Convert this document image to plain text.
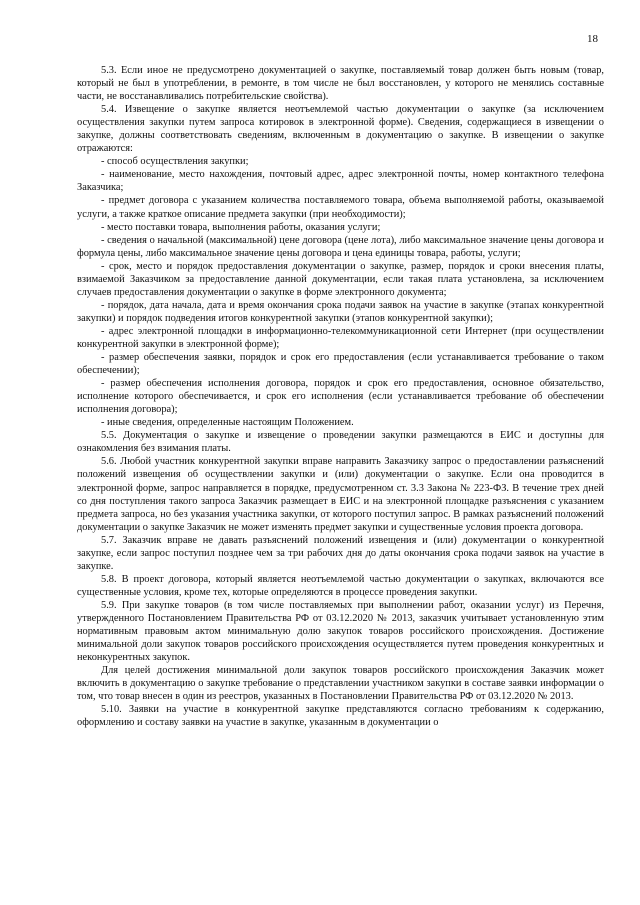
18

5.3. Если иное не предусмотрено документацией о закупке, поставляемый товар должен быть новым (товар, который не был в употреблении, в ремонте, в том числе не был восстановлен, у которого не менялись составные части, не восстанавливались потребительские свойства).

5.4. Извещение о закупке является неотъемлемой частью документации о закупке (за исключением осуществления закупки путем запроса котировок в электронной форме). Сведения, содержащиеся в извещении о закупке, должны соответствовать сведениям, включенным в документацию о закупке. В извещении о закупке отражаются:

- способ осуществления закупки;

- наименование, место нахождения, почтовый адрес, адрес электронной почты, номер контактного телефона Заказчика;

- предмет договора с указанием количества поставляемого товара, объема выполняемой работы, оказываемой услуги, а также краткое описание предмета закупки (при необходимости);

- место поставки товара, выполнения работы, оказания услуги;

- сведения о начальной (максимальной) цене договора (цене лота), либо максимальное значение цены договора и формула цены, либо максимальное значение цены договора и цена единицы товара, работы, услуги;

- срок, место и порядок предоставления документации о закупке, размер, порядок и сроки внесения платы, взимаемой Заказчиком за предоставление данной документации, если такая плата установлена, за исключением случаев предоставления документации о закупке в форме электронного документа;

- порядок, дата начала, дата и время окончания срока подачи заявок на участие в закупке (этапах конкурентной закупки) и порядок подведения итогов конкурентной закупки (этапов конкурентной закупки);

- адрес электронной площадки в информационно-телекоммуникационной сети Интернет (при осуществлении конкурентной закупки в электронной форме);

- размер обеспечения заявки, порядок и срок его предоставления (если устанавливается требование о таком обеспечении);

- размер обеспечения исполнения договора, порядок и срок его предоставления, основное обязательство, исполнение которого обеспечивается, и срок его исполнения (если устанавливается требование об обеспечении исполнения договора);

- иные сведения, определенные настоящим Положением.

5.5. Документация о закупке и извещение о проведении закупки размещаются в ЕИС и доступны для ознакомления без взимания платы.

5.6. Любой участник конкурентной закупки вправе направить Заказчику запрос о предоставлении разъяснений положений извещения об осуществлении закупки и (или) документации о закупке. Если она проводится в электронной форме, запрос направляется в порядке, предусмотренном ст. 3.3 Закона № 223-ФЗ. В течение трех дней со дня поступления такого запроса Заказчик размещает в ЕИС и на электронной площадке разъяснения с указанием предмета запроса, но без указания участника закупки, от которого поступил запрос. В рамках разъяснений положений документации о закупке Заказчик не может изменять предмет закупки и существенные условия проекта договора.

5.7. Заказчик вправе не давать разъяснений положений извещения и (или) документации о конкурентной закупке, если запрос поступил позднее чем за три рабочих дня до даты окончания срока подачи заявок на участие в закупке.

5.8. В проект договора, который является неотъемлемой частью документации о закупках, включаются все существенные условия, кроме тех, которые определяются в процессе проведения закупки.

5.9. При закупке товаров (в том числе поставляемых при выполнении работ, оказании услуг) из Перечня, утвержденного Постановлением Правительства РФ от 03.12.2020 № 2013, заказчик учитывает установленную этим нормативным правовым актом минимальную долю закупок товаров российского происхождения. Достижение минимальной доли закупок товаров российского происхождения осуществляется путем проведения конкурентных и неконкурентных закупок.

Для целей достижения минимальной доли закупок товаров российского происхождения Заказчик может включить в документацию о закупке требование о представлении участником закупки в составе заявки информации о том, что товар внесен в один из реестров, указанных в Постановлении Правительства РФ от 03.12.2020 № 2013.

5.10. Заявки на участие в конкурентной закупке представляются согласно требованиям к содержанию, оформлению и составу заявки на участие в закупке, указанным в документации о
